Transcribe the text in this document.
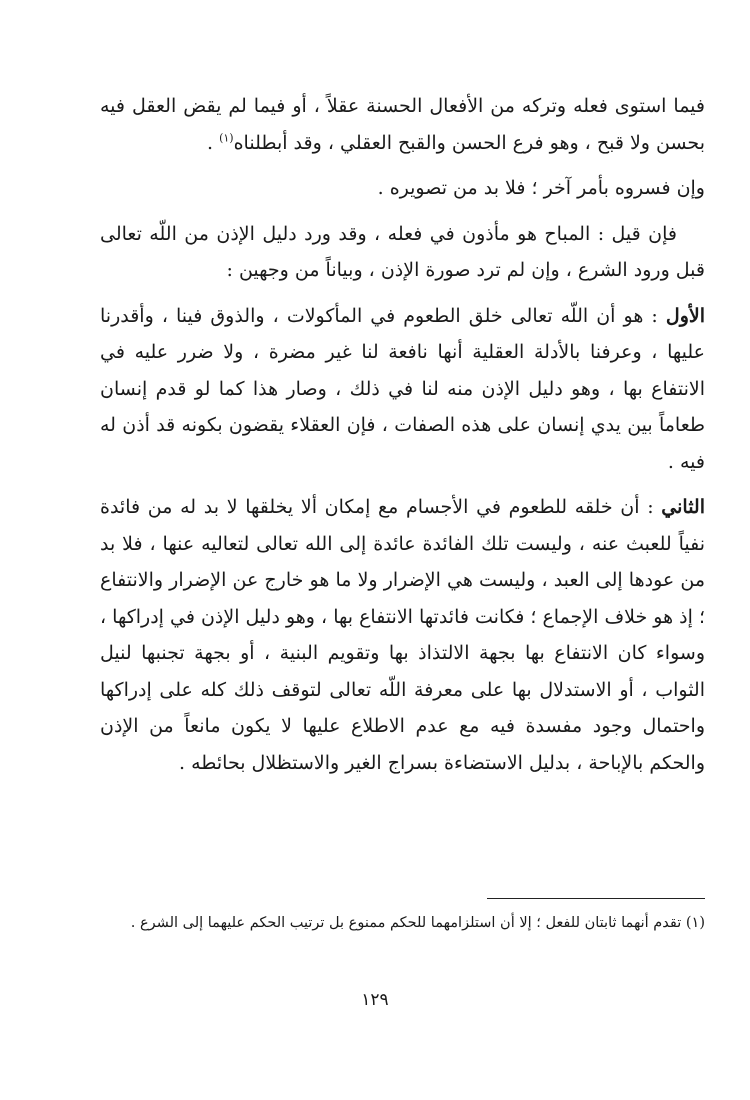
فيما استوى فعله وتركه من الأفعال الحسنة عقلاً ، أو فيما لم يقض العقل فيه بحسن ولا قبح ، وهو فرع الحسن والقبح العقلي ، وقد أبطلناه$^{(١)}$ .

وإن فسروه بأمر آخر ؛ فلا بد من تصويره .

فإن قيل : المباح هو مأذون في فعله ، وقد ورد دليل الإذن من اللّه تعالى قبل ورود الشرع ، وإن لم ترد صورة الإذن ، وبياناً من وجهين :

الأول : هو أن اللّه تعالى خلق الطعوم في المأكولات ، والذوق فينا ، وأقدرنا عليها ، وعرفنا بالأدلة العقلية أنها نافعة لنا غير مضرة ، ولا ضرر عليه في الانتفاع بها ، وهو دليل الإذن منه لنا في ذلك ، وصار هذا كما لو قدم إنسان طعاماً بين يدي إنسان على هذه الصفات ، فإن العقلاء يقضون بكونه قد أذن له فيه .

الثاني : أن خلقه للطعوم في الأجسام مع إمكان ألا يخلقها لا بد له من فائدة نفياً للعبث عنه ، وليست تلك الفائدة عائدة إلى الله تعالى لتعاليه عنها ، فلا بد من عودها إلى العبد ، وليست هي الإضرار ولا ما هو خارج عن الإضرار والانتفاع ؛ إذ هو خلاف الإجماع ؛ فكانت فائدتها الانتفاع بها ، وهو دليل الإذن في إدراكها ، وسواء كان الانتفاع بها بجهة الالتذاذ بها وتقويم البنية ، أو بجهة تجنبها لنيل الثواب ، أو الاستدلال بها على معرفة اللّه تعالى لتوقف ذلك كله على إدراكها واحتمال وجود مفسدة فيه مع عدم الاطلاع عليها لا يكون مانعاً من الإذن والحكم بالإباحة ، بدليل الاستضاءة بسراج الغير والاستظلال بحائطه .

(١) تقدم أنهما ثابتان للفعل ؛ إلا أن استلزامهما للحكم ممنوع بل ترتيب الحكم عليهما إلى الشرع .
١٢٩
